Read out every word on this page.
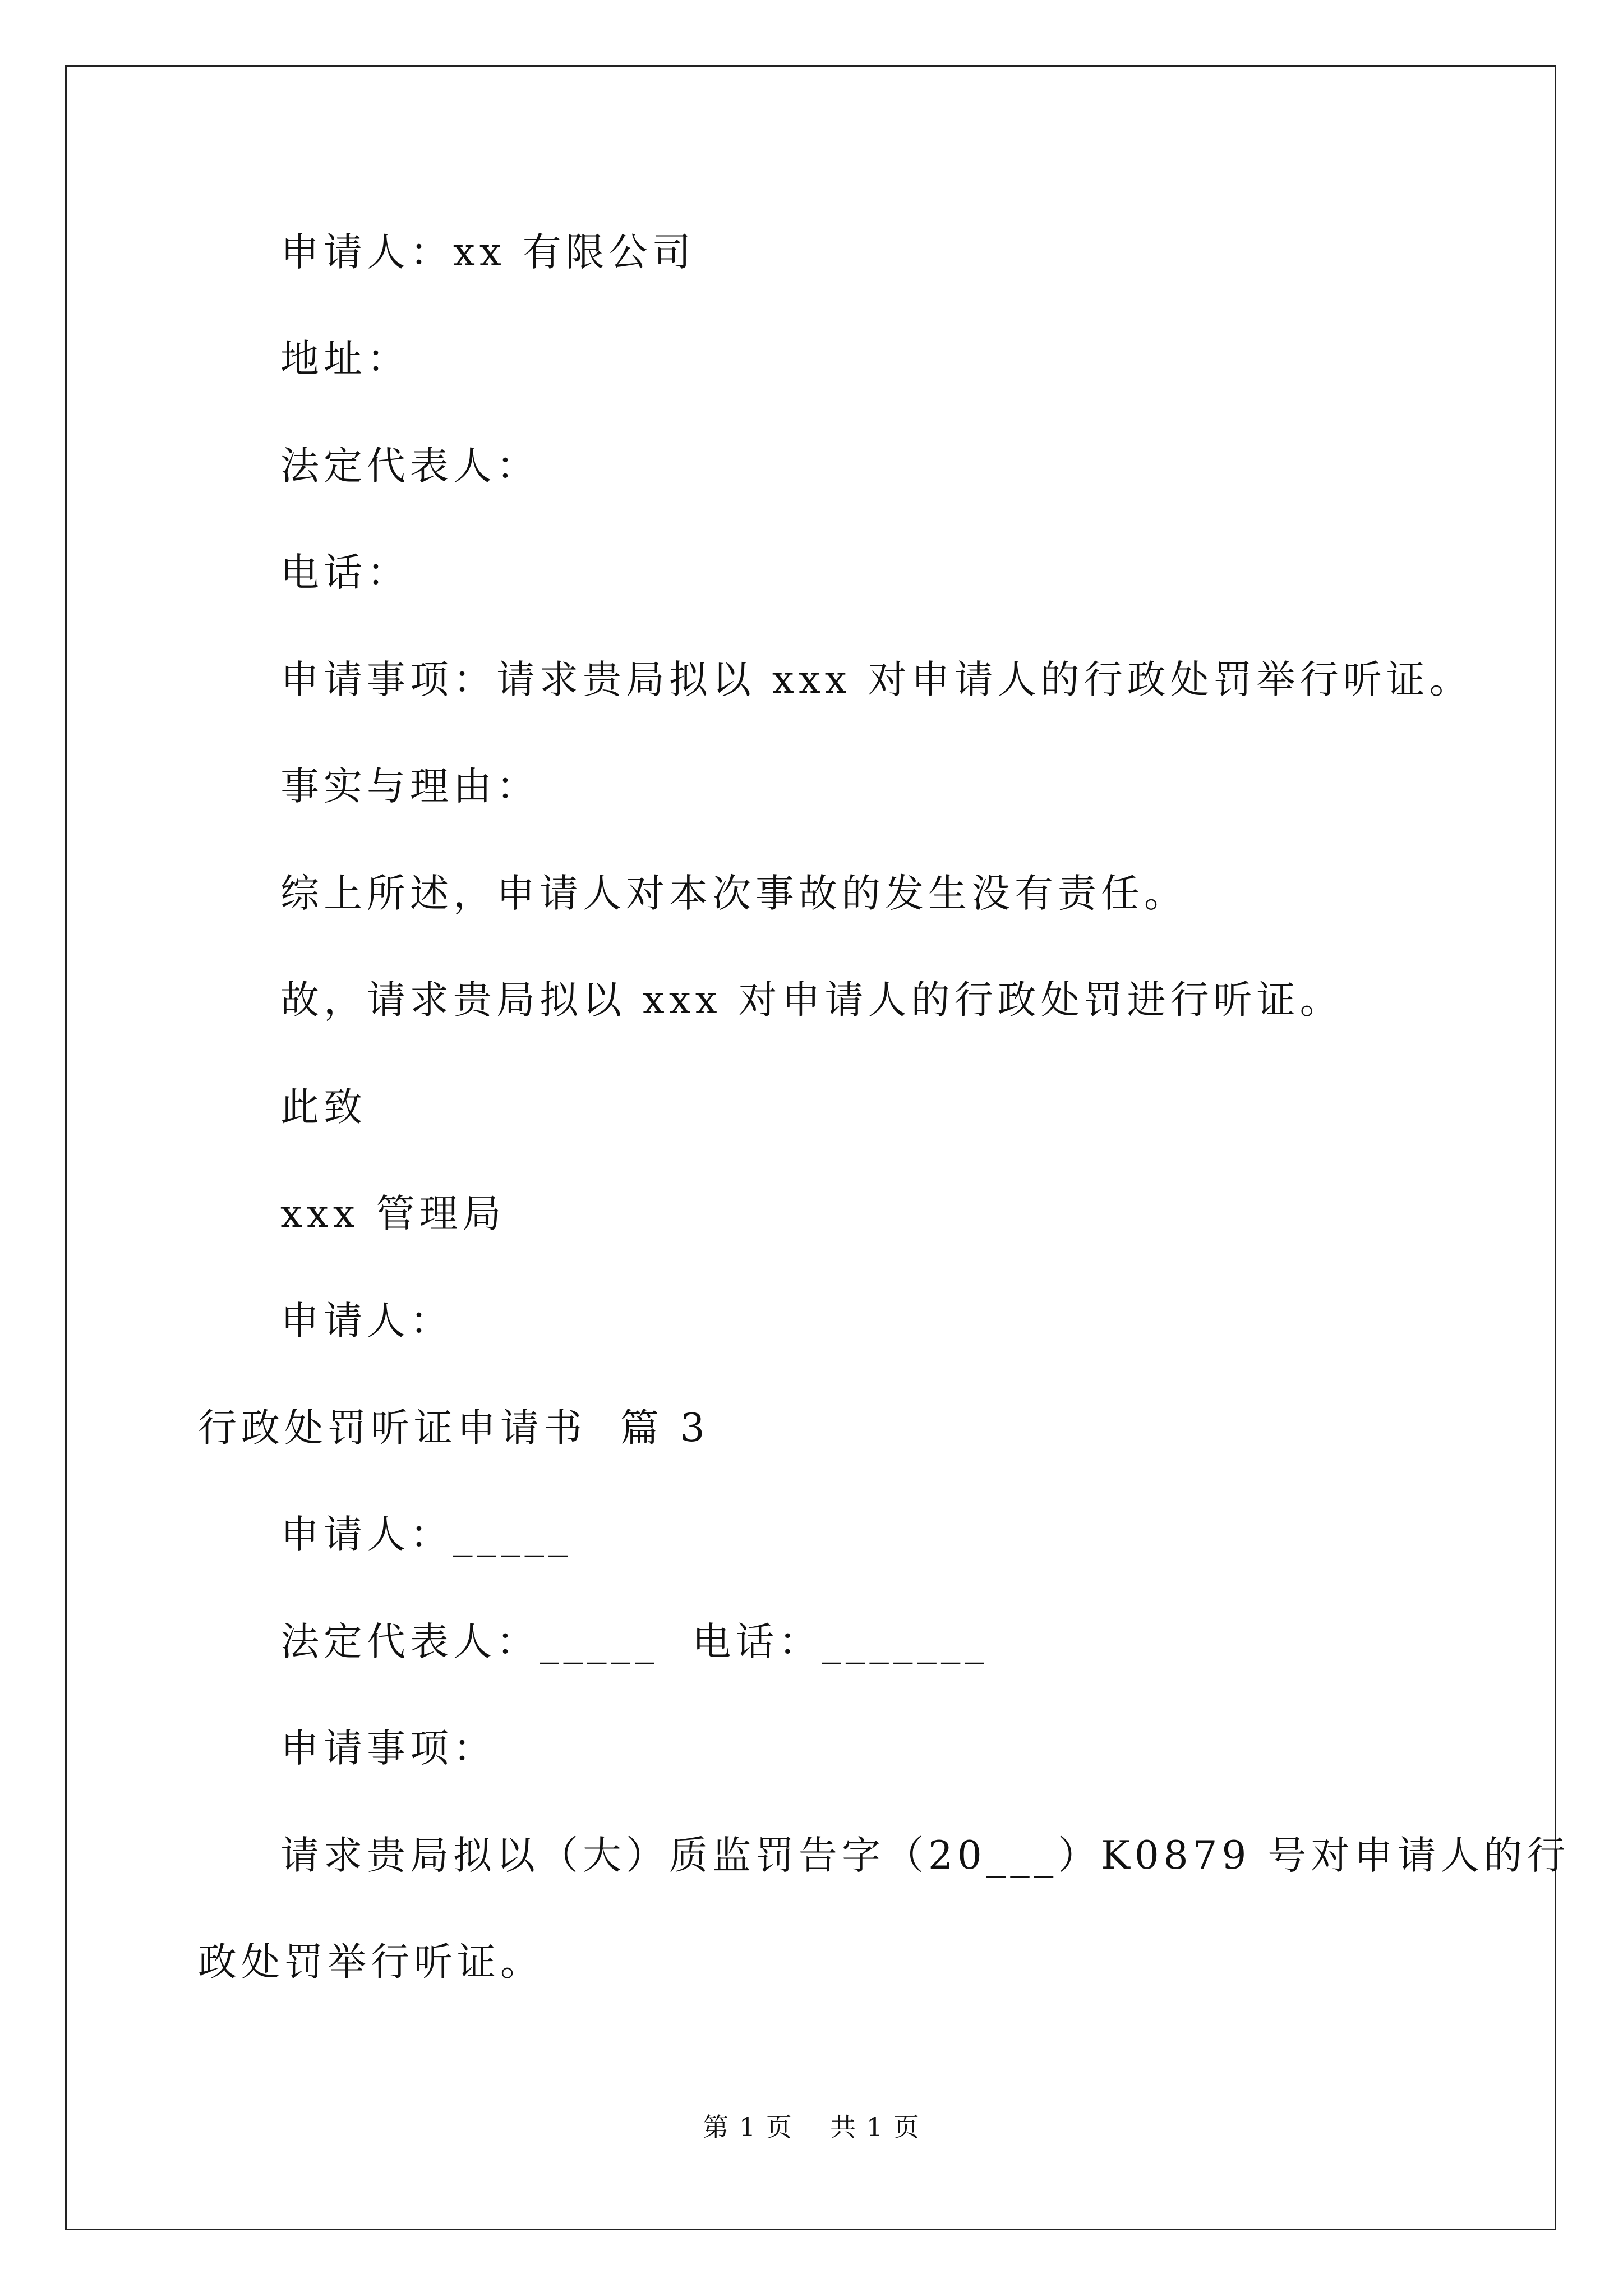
申请人：xx 有限公司
地址：
法定代表人：
电话：
申请事项：请求贵局拟以 xxx 对申请人的行政处罚举行听证。
事实与理由：
综上所述，申请人对本次事故的发生没有责任。
故，请求贵局拟以 xxx 对申请人的行政处罚进行听证。
此致
xxx 管理局
申请人：
行政处罚听证申请书  篇 3
申请人：_____
法定代表人：_____  电话：_______
申请事项：
请求贵局拟以（大）质监罚告字（20___）K0879 号对申请人的行
政处罚举行听证。
第 1 页    共 1 页
